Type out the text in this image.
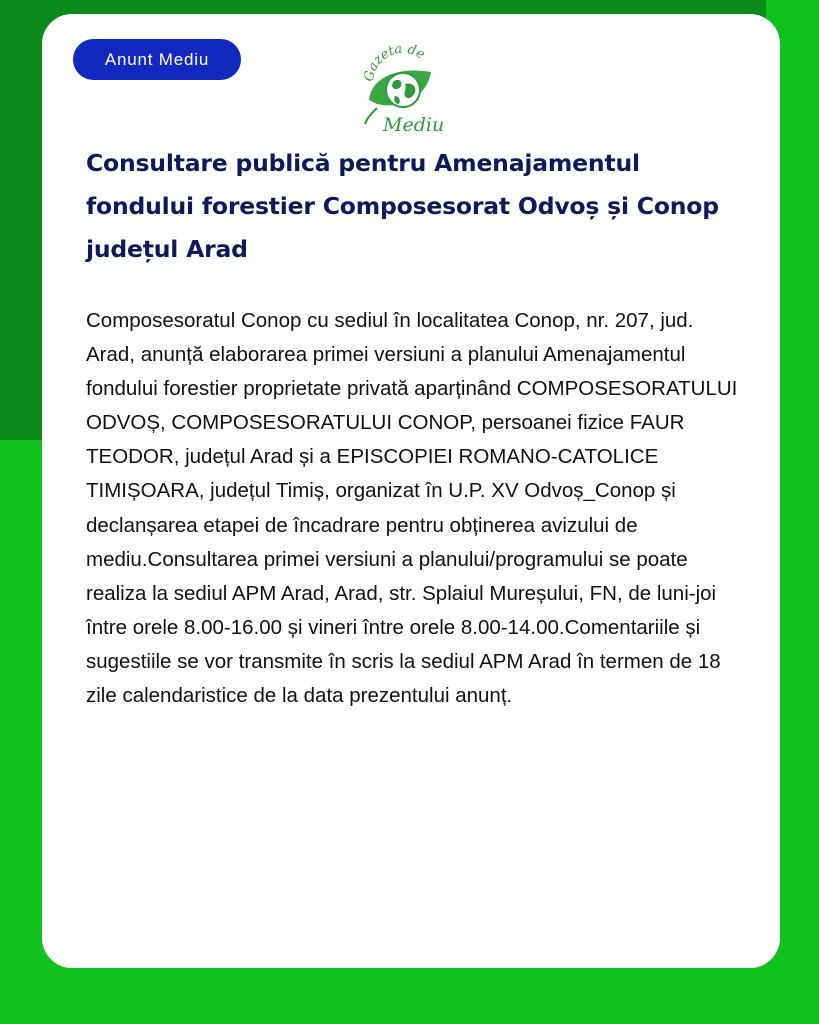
Anunt Mediu
Gazeta de
Mediu
Consultare publică pentru Amenajamentul fondului forestier Composesorat Odvoș și Conop județul Arad

Composesoratul Conop cu sediul în localitatea Conop, nr. 207, jud. Arad, anunță elaborarea primei versiuni a planului Amenajamentul fondului forestier proprietate privată aparținând COMPOSESORATULUI ODVOȘ, COMPOSESORATULUI CONOP, persoanei fizice FAUR TEODOR, județul Arad și a EPISCOPIEI ROMANO-CATOLICE TIMIȘOARA, județul Timiș, organizat în U.P. XV Odvoș_Conop și declanșarea etapei de încadrare pentru obținerea avizului de mediu.Consultarea primei versiuni a planului/programului se poate realiza la sediul APM Arad, Arad, str. Splaiul Mureșului, FN, de luni-joi între orele 8.00-16.00 și vineri între orele 8.00-14.00.Comentariile și sugestiile se vor transmite în scris la sediul APM Arad în termen de 18 zile calendaristice de la data prezentului anunț.
